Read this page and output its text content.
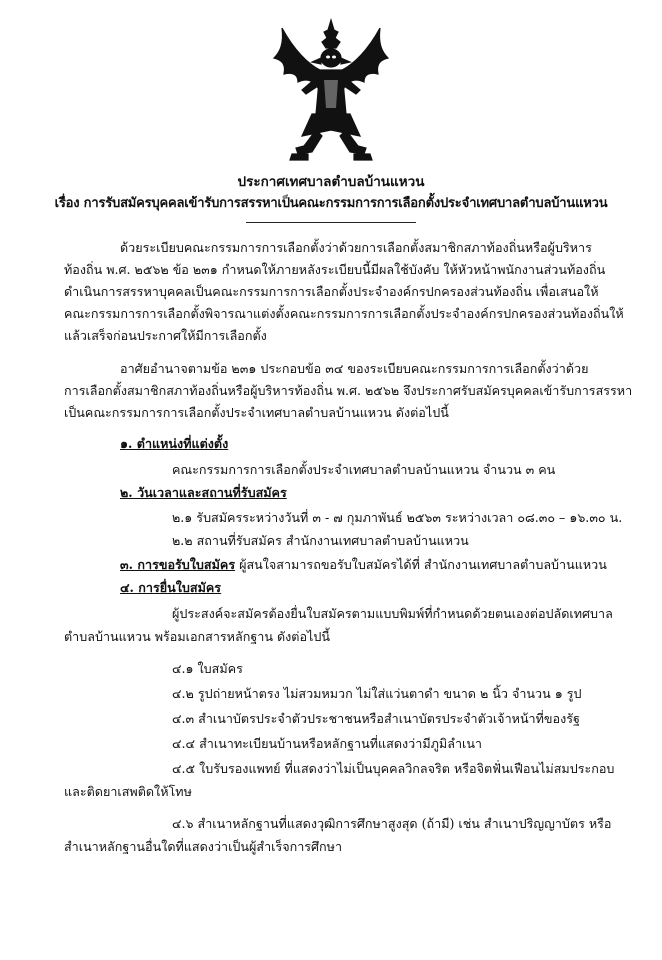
ประกาศเทศบาลตำบลบ้านแหวน
เรื่อง การรับสมัครบุคคลเข้ารับการสรรหาเป็นคณะกรรมการการเลือกตั้งประจำเทศบาลตำบลบ้านแหวน
ด้วยระเบียบคณะกรรมการการเลือกตั้งว่าด้วยการเลือกตั้งสมาชิกสภาท้องถิ่นหรือผู้บริหาร
ท้องถิ่น พ.ศ. ๒๕๖๒ ข้อ ๒๓๑ กำหนดให้ภายหลังระเบียบนี้มีผลใช้บังคับ ให้หัวหน้าพนักงานส่วนท้องถิ่น
ดำเนินการสรรหาบุคคลเป็นคณะกรรมการการเลือกตั้งประจำองค์กรปกครองส่วนท้องถิ่น เพื่อเสนอให้
คณะกรรมการการเลือกตั้งพิจารณาแต่งตั้งคณะกรรมการการเลือกตั้งประจำองค์กรปกครองส่วนท้องถิ่นให้
แล้วเสร็จก่อนประกาศให้มีการเลือกตั้ง
อาศัยอำนาจตามข้อ ๒๓๑ ประกอบข้อ ๓๔ ของระเบียบคณะกรรมการการเลือกตั้งว่าด้วย
การเลือกตั้งสมาชิกสภาท้องถิ่นหรือผู้บริหารท้องถิ่น พ.ศ. ๒๕๖๒ จึงประกาศรับสมัครบุคคลเข้ารับการสรรหา
เป็นคณะกรรมการการเลือกตั้งประจำเทศบาลตำบลบ้านแหวน ดังต่อไปนี้
๑. ตำแหน่งที่แต่งตั้ง
คณะกรรมการการเลือกตั้งประจำเทศบาลตำบลบ้านแหวน จำนวน ๓ คน
๒. วันเวลาและสถานที่รับสมัคร
๒.๑ รับสมัครระหว่างวันที่ ๓ - ๗ กุมภาพันธ์ ๒๕๖๓ ระหว่างเวลา ๐๘.๓๐ – ๑๖.๓๐ น.
๒.๒ สถานที่รับสมัคร สำนักงานเทศบาลตำบลบ้านแหวน
๓. การขอรับใบสมัคร ผู้สนใจสามารถขอรับใบสมัครได้ที่ สำนักงานเทศบาลตำบลบ้านแหวน
๔. การยื่นใบสมัคร
ผู้ประสงค์จะสมัครต้องยื่นใบสมัครตามแบบพิมพ์ที่กำหนดด้วยตนเองต่อปลัดเทศบาล
ตำบลบ้านแหวน พร้อมเอกสารหลักฐาน ดังต่อไปนี้
๔.๑ ใบสมัคร
๔.๒ รูปถ่ายหน้าตรง ไม่สวมหมวก ไม่ใส่แว่นตาดำ ขนาด ๒ นิ้ว จำนวน ๑ รูป
๔.๓ สำเนาบัตรประจำตัวประชาชนหรือสำเนาบัตรประจำตัวเจ้าหน้าที่ของรัฐ
๔.๔ สำเนาทะเบียนบ้านหรือหลักฐานที่แสดงว่ามีภูมิลำเนา
๔.๕ ใบรับรองแพทย์ ที่แสดงว่าไม่เป็นบุคคลวิกลจริต หรือจิตฟั่นเฟือนไม่สมประกอบ
และติดยาเสพติดให้โทษ
๔.๖ สำเนาหลักฐานที่แสดงวุฒิการศึกษาสูงสุด (ถ้ามี) เช่น สำเนาปริญญาบัตร หรือ
สำเนาหลักฐานอื่นใดที่แสดงว่าเป็นผู้สำเร็จการศึกษา
